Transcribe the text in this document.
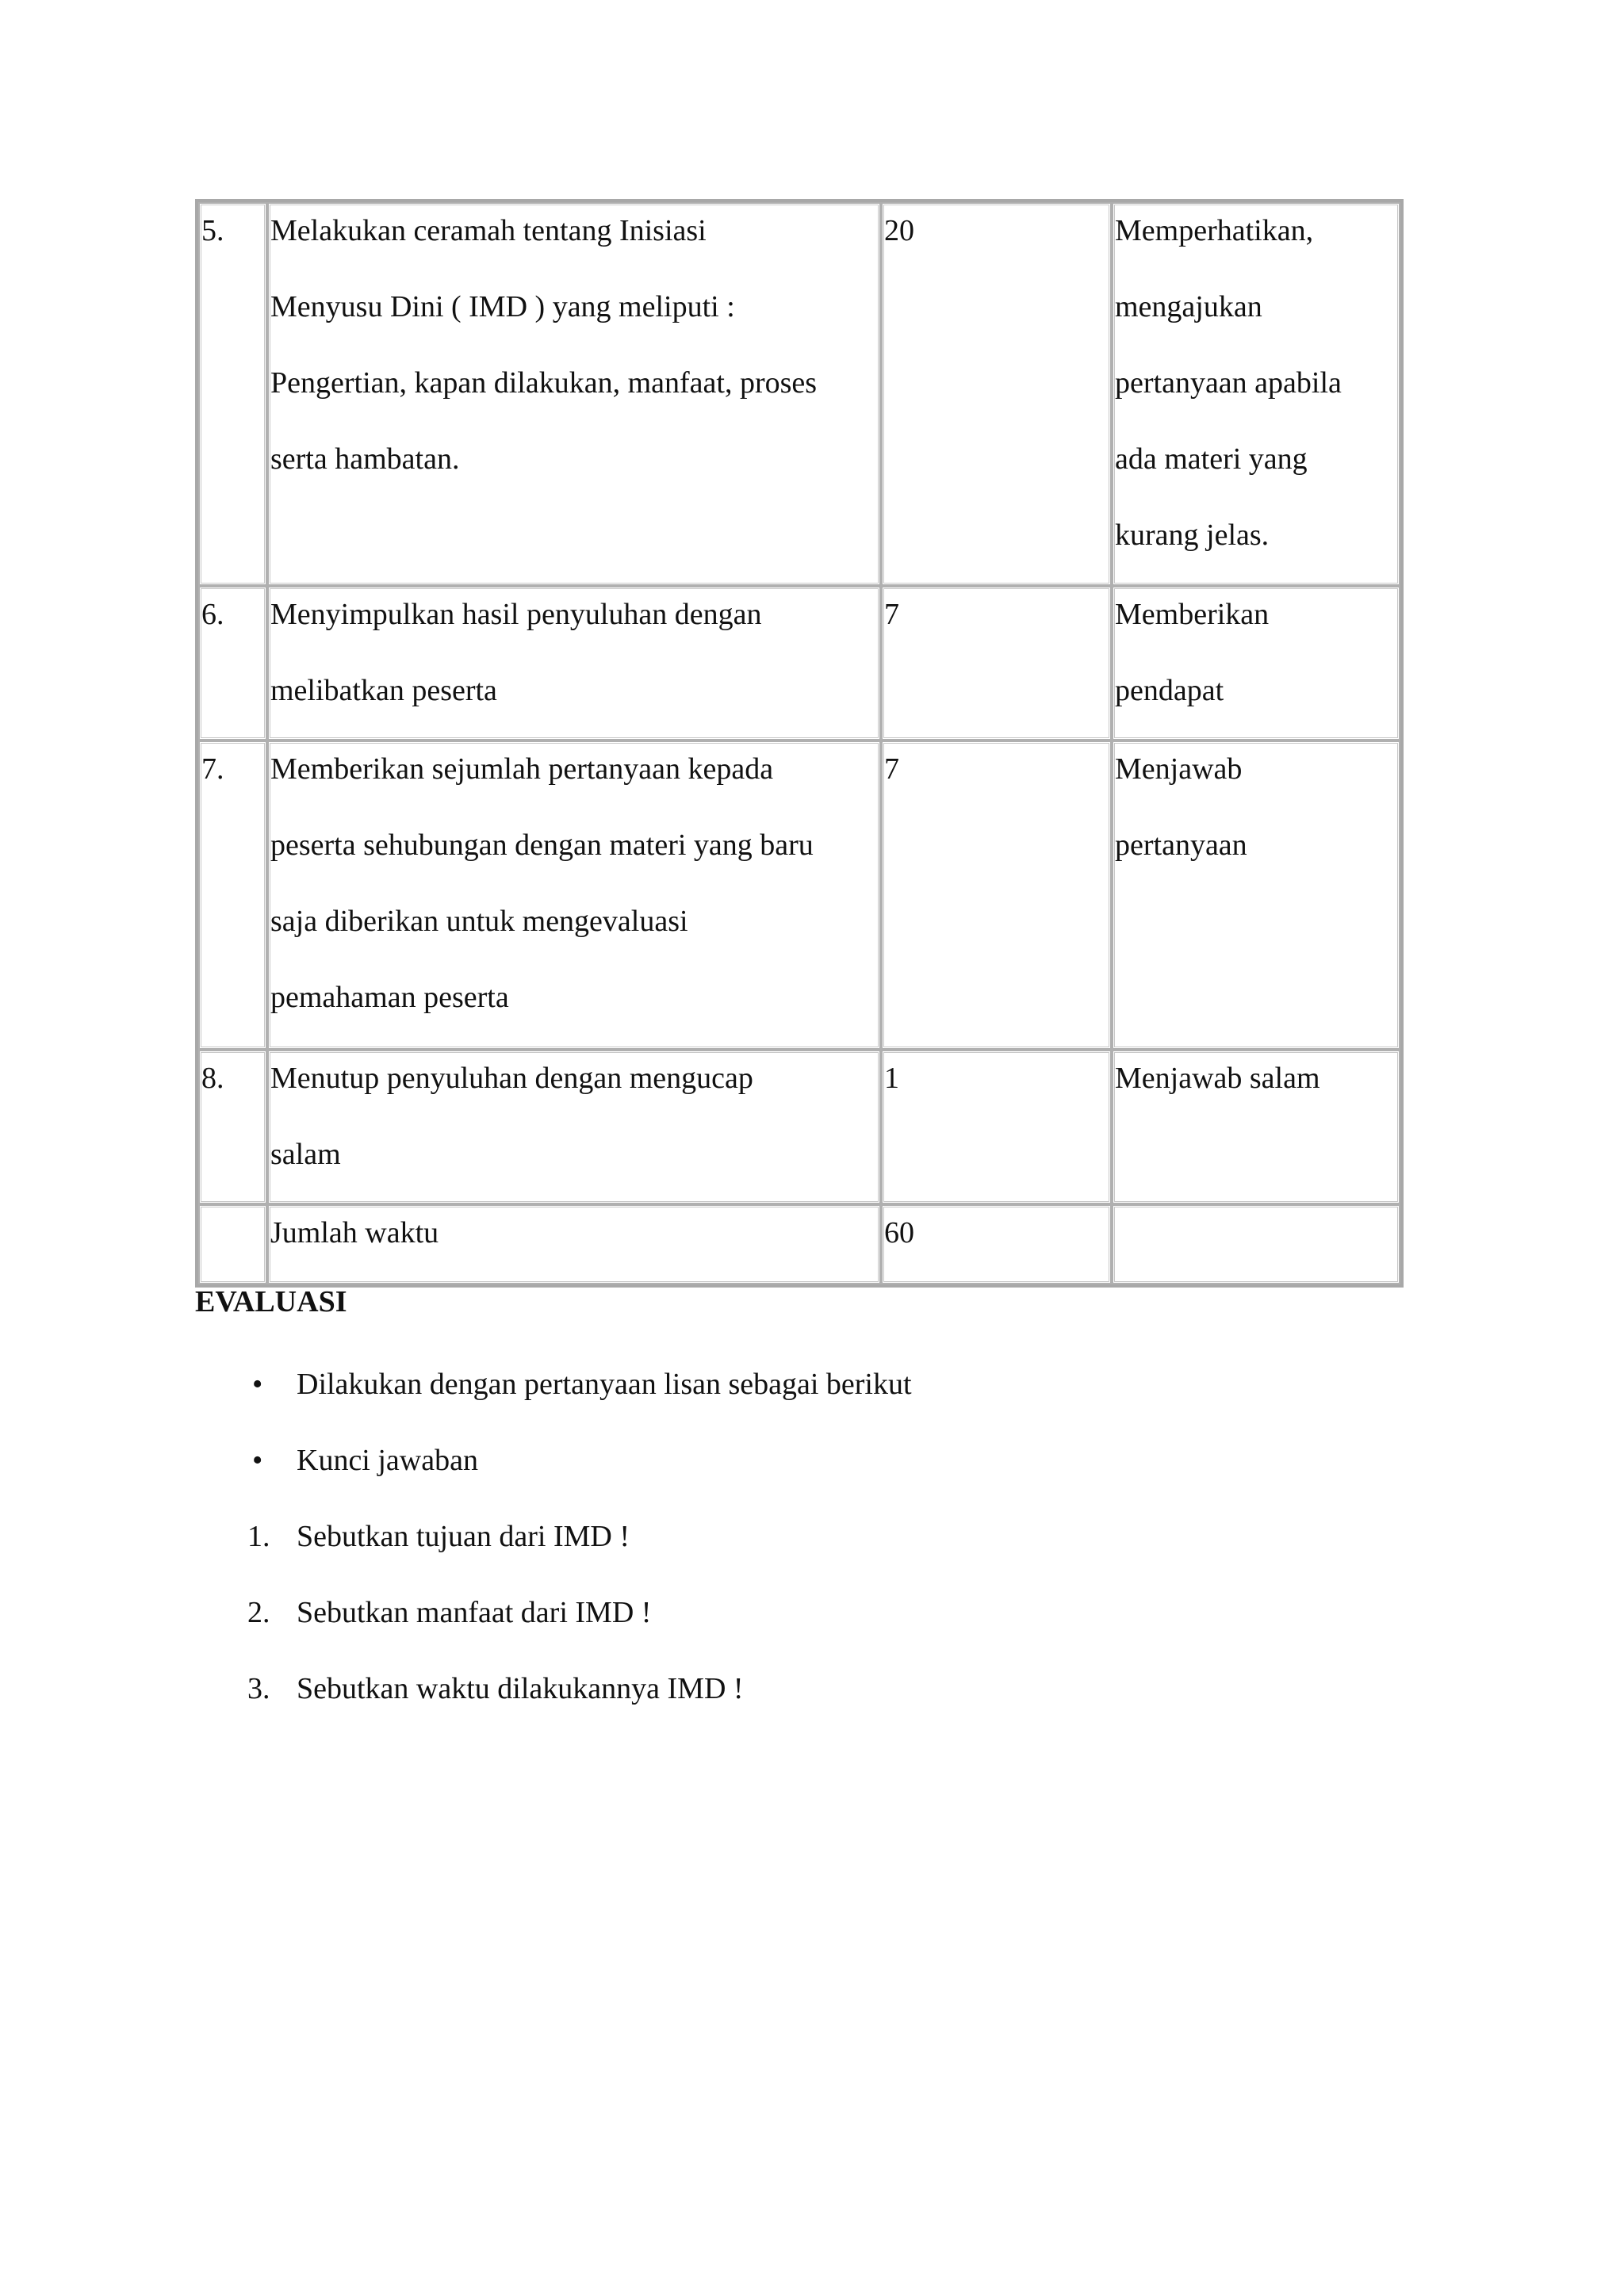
5.	Melakukan ceramah tentang Inisiasi
Menyusu Dini ( IMD ) yang meliputi :
Pengertian, kapan dilakukan, manfaat, proses
serta hambatan.	20	Memperhatikan,
mengajukan
pertanyaan apabila
ada materi yang
kurang jelas.

6.	Menyimpulkan hasil penyuluhan dengan
melibatkan peserta	7	Memberikan
pendapat

7.	Memberikan sejumlah pertanyaan kepada
peserta sehubungan dengan materi yang baru
saja diberikan untuk mengevaluasi
pemahaman peserta	7	Menjawab
pertanyaan

8.	Menutup penyuluhan dengan mengucap
salam	1	Menjawab salam

	Jumlah waktu	60	

EVALUASI
• Dilakukan dengan pertanyaan lisan sebagai berikut
• Kunci jawaban
1. Sebutkan tujuan dari IMD !
2. Sebutkan manfaat dari IMD !
3. Sebutkan waktu dilakukannya IMD !
